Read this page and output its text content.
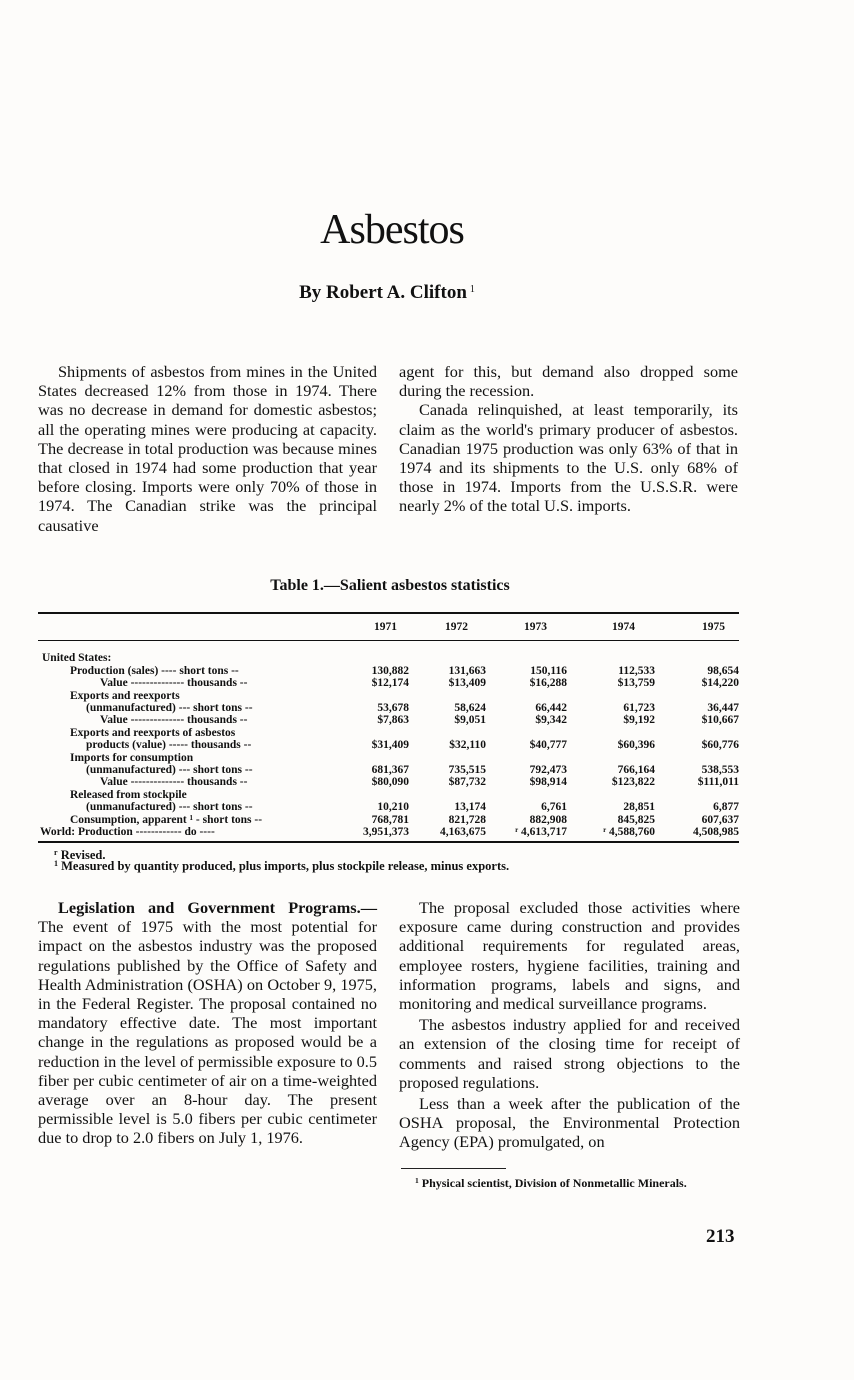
Asbestos

By Robert A. Clifton $^1$

Shipments of asbestos from mines in the United States decreased 12% from those in 1974. There was no decrease in demand for domestic asbestos; all the operating mines were producing at capacity. The decrease in total production was because mines that closed in 1974 had some production that year before closing. Imports were only 70% of those in 1974. The Canadian strike was the principal causative

agent for this, but demand also dropped some during the recession.

Canada relinquished, at least temporarily, its claim as the world's primary producer of asbestos. Canadian 1975 production was only 63% of that in 1974 and its shipments to the U.S. only 68% of those in 1974. Imports from the U.S.S.R. were nearly 2% of the total U.S. imports.

Table 1.—Salient asbestos statistics

	1971	1972	1973	1974	1975

United States:					
Production (sales) ---- short tons --	130,882	131,663	150,116	112,533	98,654
Value -------------- thousands --	$12,174	$13,409	$16,288	$13,759	$14,220
Exports and reexports					
(unmanufactured) --- short tons --	53,678	58,624	66,442	61,723	36,447
Value -------------- thousands --	$7,863	$9,051	$9,342	$9,192	$10,667
Exports and reexports of asbestos					
products (value) ----- thousands --	$31,409	$32,110	$40,777	$60,396	$60,776
Imports for consumption					
(unmanufactured) --- short tons --	681,367	735,515	792,473	766,164	538,553
Value -------------- thousands --	$80,090	$87,732	$98,914	$123,822	$111,011
Released from stockpile					
(unmanufactured) --- short tons --	10,210	13,174	6,761	28,851	6,877
Consumption, apparent ¹ - short tons --	768,781	821,728	882,908	845,825	607,637
World: Production ------------ do ----	3,951,373	4,163,675	ʳ 4,613,717	ʳ 4,588,760	4,508,985

$^r$ Revised.

$^1$ Measured by quantity produced, plus imports, plus stockpile release, minus exports.

Legislation and Government Programs.— The event of 1975 with the most potential for impact on the asbestos industry was the proposed regulations published by the Office of Safety and Health Administration (OSHA) on October 9, 1975, in the Federal Register. The proposal contained no mandatory effective date. The most important change in the regulations as proposed would be a reduction in the level of permissible exposure to 0.5 fiber per cubic centimeter of air on a time-weighted average over an 8-hour day. The present permissible level is 5.0 fibers per cubic centimeter due to drop to 2.0 fibers on July 1, 1976.

The proposal excluded those activities where exposure came during construction and provides additional requirements for regulated areas, employee rosters, hygiene facilities, training and information programs, labels and signs, and monitoring and medical surveillance programs.

The asbestos industry applied for and received an extension of the closing time for receipt of comments and raised strong objections to the proposed regulations.

Less than a week after the publication of the OSHA proposal, the Environmental Protection Agency (EPA) promulgated, on

$^1$ Physical scientist, Division of Nonmetallic Minerals.

213
